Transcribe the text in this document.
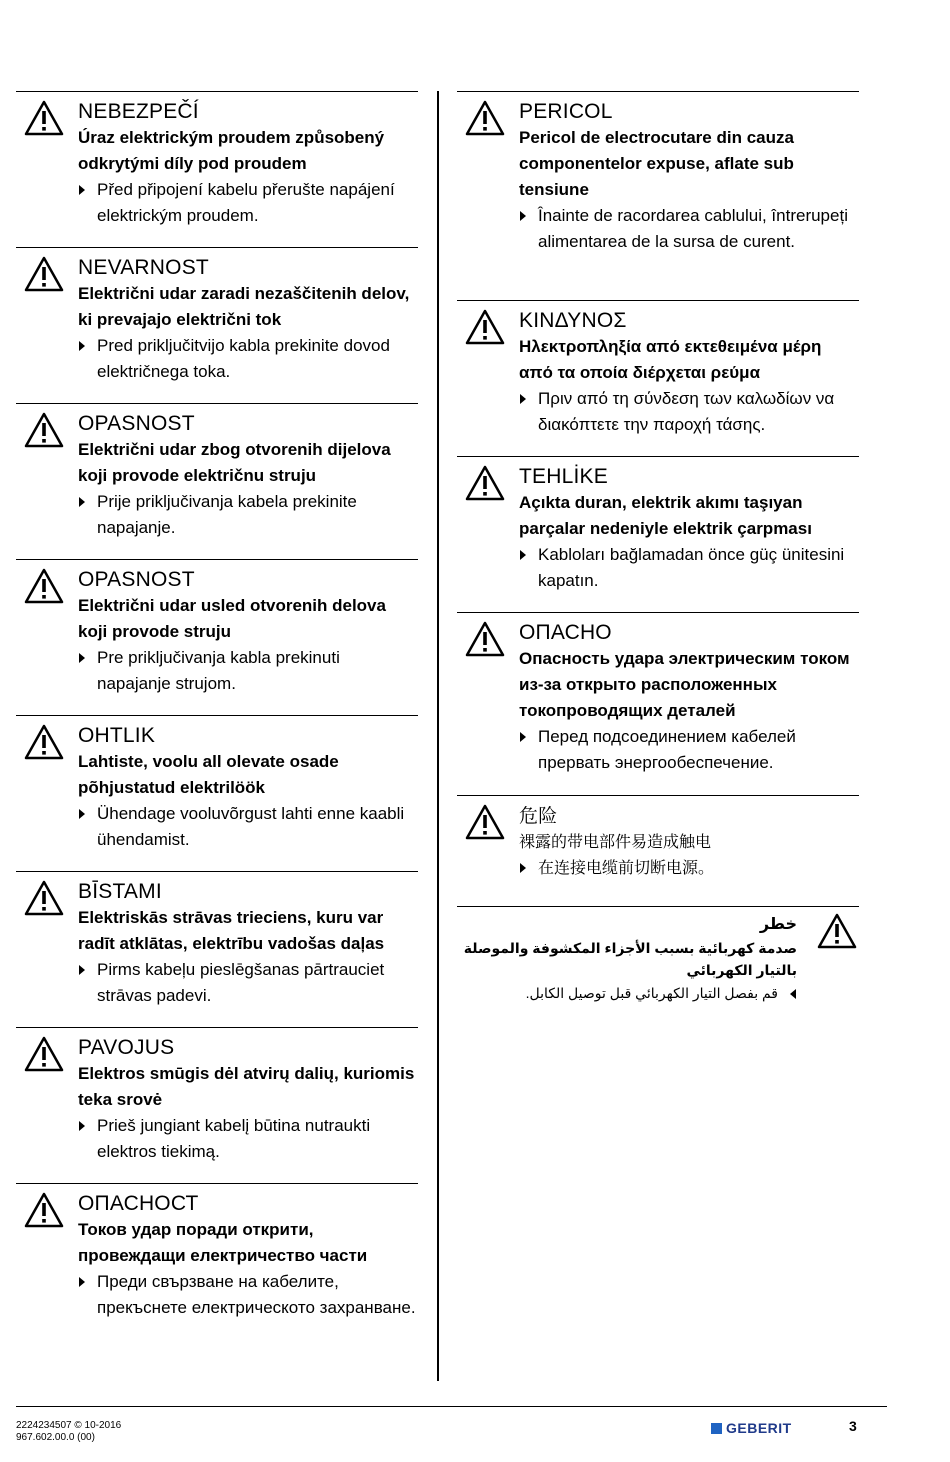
NEBEZPEČÍ
Úraz elektrickým proudem způsobený odkrytými díly pod proudem
Před připojení kabelu přerušte napájení elektrickým proudem.
NEVARNOST
Električni udar zaradi nezaščitenih delov, ki prevajajo električni tok
Pred priključitvijo kabla prekinite dovod električnega toka.
OPASNOST
Električni udar zbog otvorenih dijelova koji provode električnu struju
Prije priključivanja kabela prekinite napajanje.
OPASNOST
Električni udar usled otvorenih delova koji provode struju
Pre priključivanja kabla prekinuti napajanje strujom.
OHTLIK
Lahtiste, voolu all olevate osade põhjustatud elektrilöök
Ühendage vooluvõrgust lahti enne kaabli ühendamist.
BĪSTAMI
Elektriskās strāvas trieciens, kuru var radīt atklātas, elektrību vadošas daļas
Pirms kabeļu pieslēgšanas pārtrauciet strāvas padevi.
PAVOJUS
Elektros smūgis dėl atvirų dalių, kuriomis teka srovė
Prieš jungiant kabelį būtina nutraukti elektros tiekimą.
ОПАСНОСТ
Токов удар поради открити, провеждащи електричество части
Преди свързване на кабелите, прекъснете електрическото захранване.
PERICOL
Pericol de electrocutare din cauza componentelor expuse, aflate sub tensiune
Înainte de racordarea cablului, întrerupeți alimentarea de la sursa de curent.
ΚΙΝΔΥΝΟΣ
Ηλεκτροπληξία από εκτεθειμένα μέρη από τα οποία διέρχεται ρεύμα
Πριν από τη σύνδεση των καλωδίων να διακόπτετε την παροχή τάσης.
TEHLİKE
Açıkta duran, elektrik akımı taşıyan parçalar nedeniyle elektrik çarpması
Kabloları bağlamadan önce güç ünitesini kapatın.
ОПАСНО
Опасность удара электрическим током из-за открыто расположенных токопроводящих деталей
Перед подсоединением кабелей прервать энергообеспечение.
危险
裸露的带电部件易造成触电
在连接电缆前切断电源。
خطر
صدمة كهربائية بسبب الأجزاء المكشوفة والموصلة بالتيار الكهربائي
قم بفصل التيار الكهربائي قبل توصيل الكابل.
2224234507 © 10-2016
967.602.00.0 (00)
GEBERIT	3
